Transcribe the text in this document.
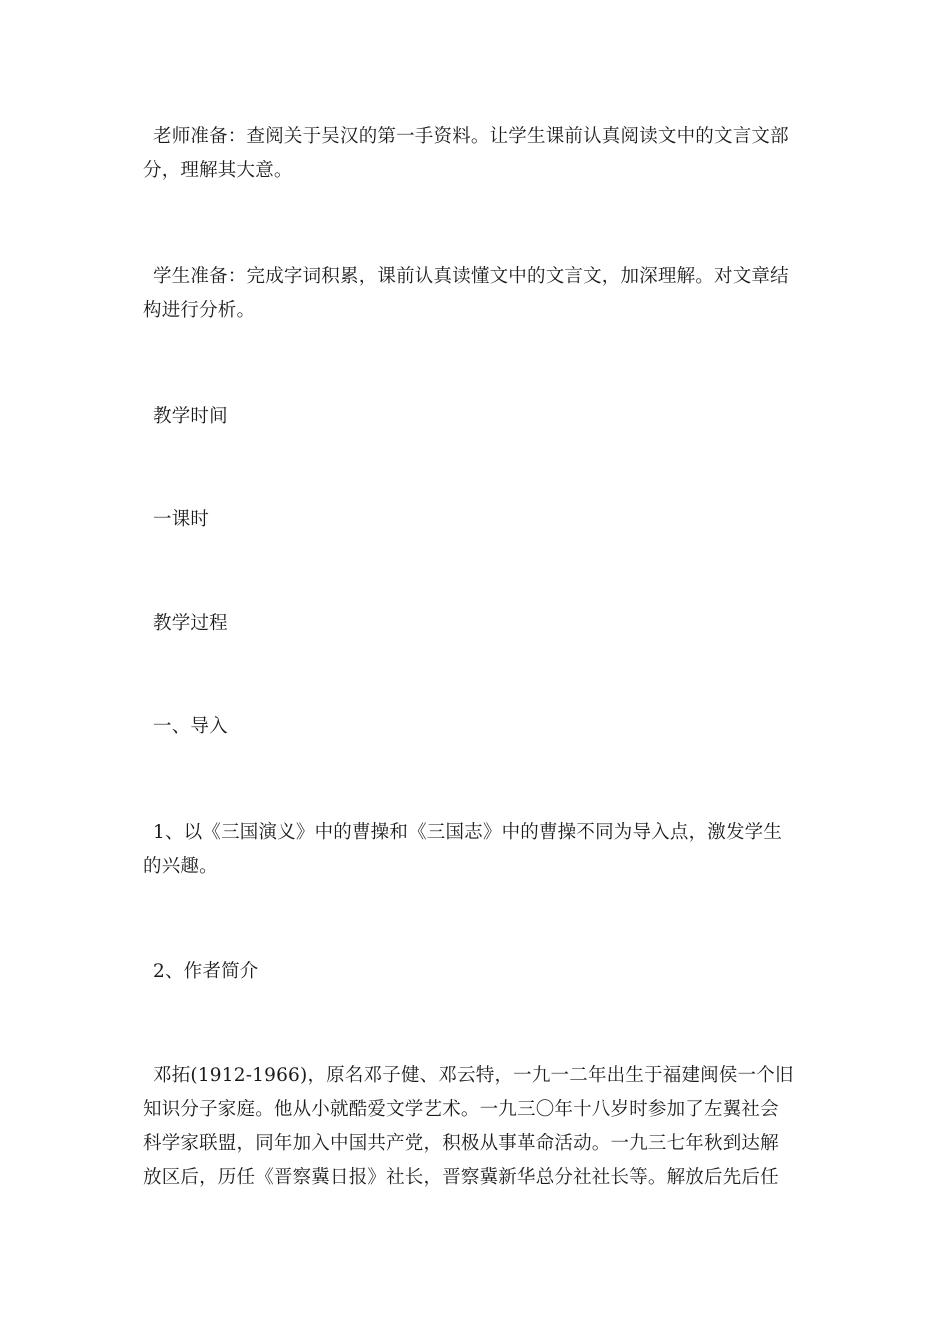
老师准备：查阅关于吴汉的第一手资料。让学生课前认真阅读文中的文言文部
分，理解其大意。

学生准备：完成字词积累，课前认真读懂文中的文言文，加深理解。对文章结
构进行分析。

教学时间

一课时

教学过程

一、导入

1、以《三国演义》中的曹操和《三国志》中的曹操不同为导入点，激发学生
的兴趣。

2、作者简介

邓拓(1912-1966)，原名邓子健、邓云特，一九一二年出生于福建闽侯一个旧
知识分子家庭。他从小就酷爱文学艺术。一九三〇年十八岁时参加了左翼社会
科学家联盟，同年加入中国共产党，积极从事革命活动。一九三七年秋到达解
放区后，历任《晋察冀日报》社长，晋察冀新华总分社社长等。解放后先后任
